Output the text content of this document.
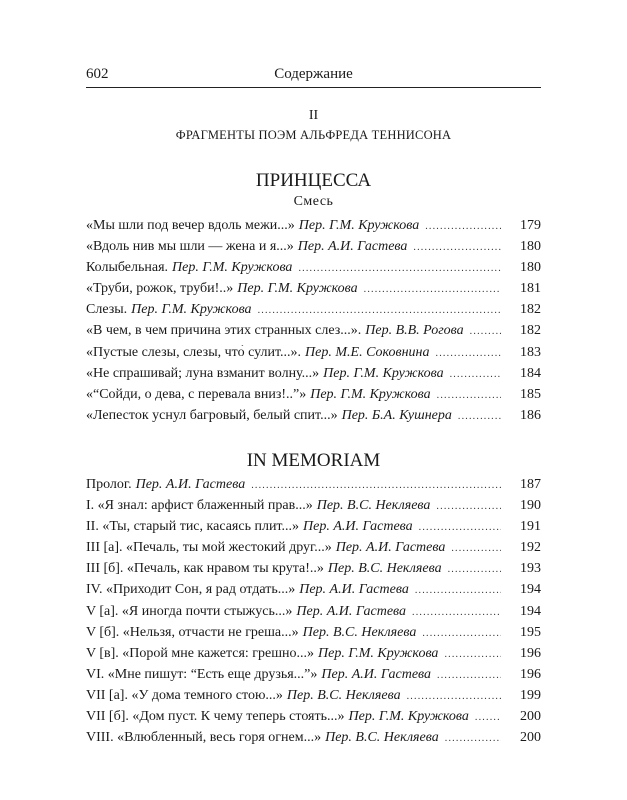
602	Содержание
II
ФРАГМЕНТЫ ПОЭМ АЛЬФРЕДА ТЕННИСОНА
ПРИНЦЕССА
Смесь
«Мы шли под вечер вдоль межи...» Пер. Г.М. Кружкова .....	179
«Вдоль нив мы шли — жена и я...» Пер. А.И. Гастева .....	180
Колыбельная. Пер. Г.М. Кружкова .....	180
«Труби, рожок, труби!..» Пер. Г.М. Кружкова .....	181
Слезы. Пер. Г.М. Кружкова .....	182
«В чем, в чем причина этих странных слез...». Пер. В.В. Рогова .....	182
«Пустые слезы, слезы, что́ сулит...». Пер. М.Е. Соковнина .....	183
«Не спрашивай; луна взманит волну...» Пер. Г.М. Кружкова .....	184
«“Сойди, о дева, с перевала вниз!..”» Пер. Г.М. Кружкова .....	185
«Лепесток уснул багровый, белый спит...» Пер. Б.А. Кушнера .....	186
IN MEMORIAM
Пролог. Пер. А.И. Гастева .....	187
I. «Я знал: арфист блаженный прав...» Пер. В.С. Некляева .....	190
II. «Ты, старый тис, касаясь плит...» Пер. А.И. Гастева .....	191
III [а]. «Печаль, ты мой жестокий друг...» Пер. А.И. Гастева .....	192
III [б]. «Печаль, как нравом ты крута!..» Пер. В.С. Некляева .....	193
IV. «Приходит Сон, я рад отдать...» Пер. А.И. Гастева .....	194
V [а]. «Я иногда почти стыжусь...» Пер. А.И. Гастева .....	194
V [б]. «Нельзя, отчасти не греша...» Пер. В.С. Некляева .....	195
V [в]. «Порой мне кажется: грешно...» Пер. Г.М. Кружкова .....	196
VI. «Мне пишут: “Есть еще друзья...”» Пер. А.И. Гастева .....	196
VII [а]. «У дома темного стою...» Пер. В.С. Некляева .....	199
VII [б]. «Дом пуст. К чему теперь стоять...» Пер. Г.М. Кружкова .....	200
VIII. «Влюбленный, весь горя огнем...» Пер. В.С. Некляева .....	200
